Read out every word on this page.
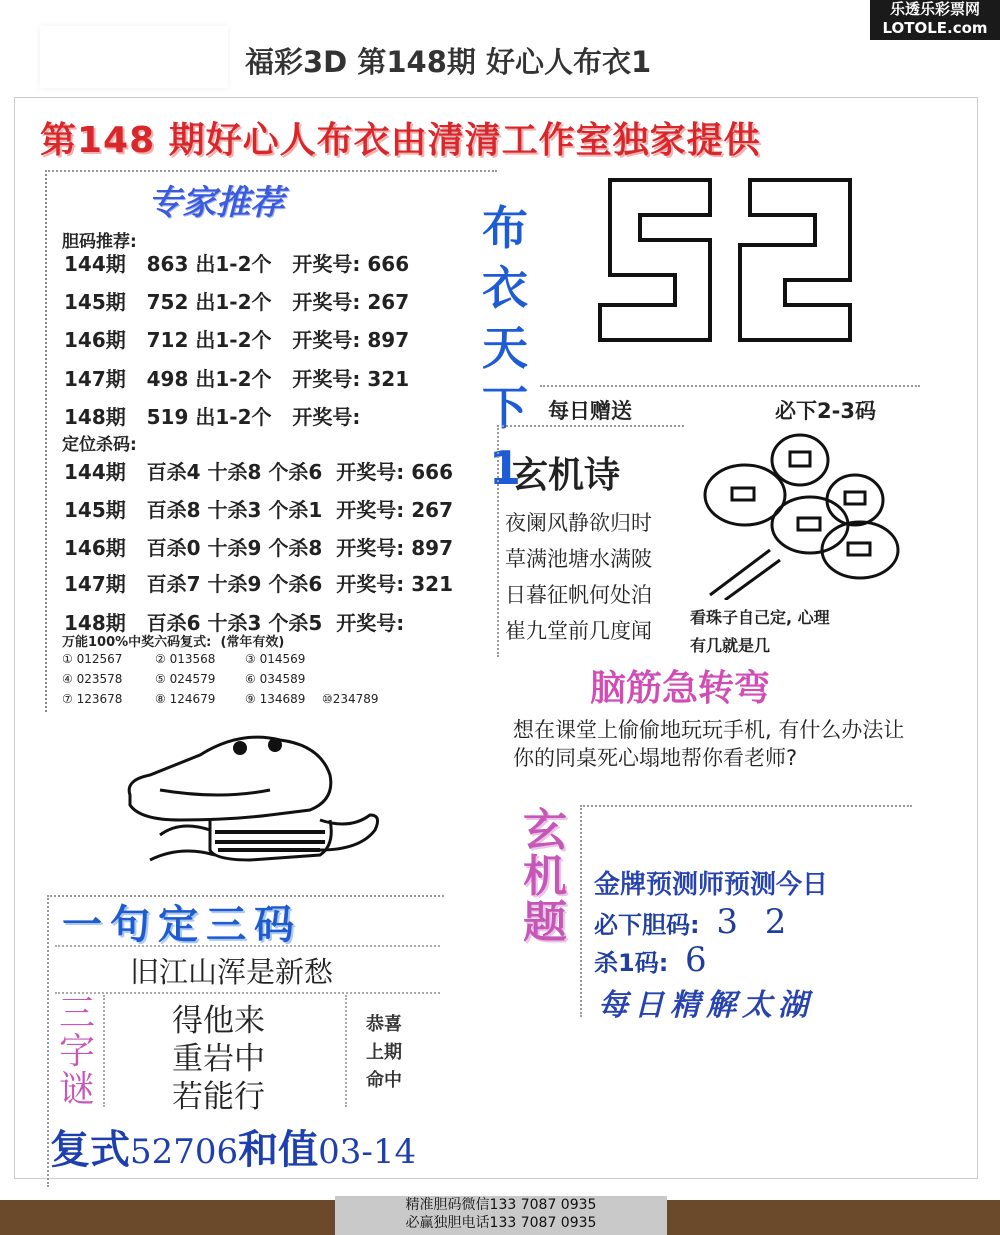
乐透乐彩票网
LOTOLE.com
福彩3D 第148期 好心人布衣1
第148 期好心人布衣由清清工作室独家提供
专家推荐
胆码推荐:
144期 863 出1-2个 开奖号: 666
145期 752 出1-2个 开奖号: 267
146期 712 出1-2个 开奖号: 897
147期 498 出1-2个 开奖号: 321
148期 519 出1-2个 开奖号:
定位杀码:
144期 百杀4 十杀8 个杀6 开奖号: 666
145期 百杀8 十杀3 个杀1 开奖号: 267
146期 百杀0 十杀9 个杀8 开奖号: 897
147期 百杀7 十杀9 个杀6 开奖号: 321
148期 百杀6 十杀3 个杀5 开奖号:
万能100%中奖六码复式: (常年有效)
① 012567	② 013568 ③ 014569
④ 023578	⑤ 024579 ⑥ 034589
⑦ 123678	⑧ 124679 ⑨ 134689 ⑩234789
布
衣
天
下
1
每日赠送	必下2-3码
玄机诗
夜阑风静欲归时
草满池塘水满陂
日暮征帆何处泊
崔九堂前几度闻
看珠子自己定, 心理
有几就是几
脑筋急转弯
想在课堂上偷偷地玩玩手机, 有什么办法让你的同桌死心塌地帮你看老师?
玄
机
题
金牌预测师预测今日
必下胆码: 3 2
杀1码: 6
每日精解太湖
一句定三码
旧江山浑是新愁
三
字
谜
得他来
重岩中
若能行
恭喜
上期
命中
复式52706和值03-14
精准胆码微信133 7087 0935
必赢独胆电话133 7087 0935
